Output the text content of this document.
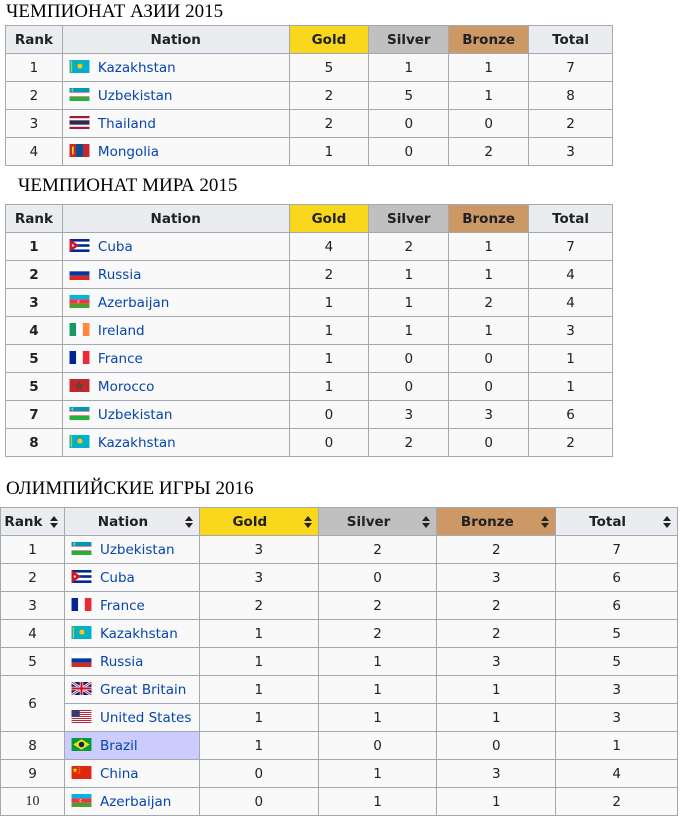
ЧЕМПИОНАТ АЗИИ 2015
Rank	Nation	Gold	Silver	Bronze	Total
1	Kazakhstan	5	1	1	7
2	Uzbekistan	2	5	1	8
3	Thailand	2	0	0	2
4	Mongolia	1	0	2	3
ЧЕМПИОНАТ МИРА 2015
Rank	Nation	Gold	Silver	Bronze	Total
1	Cuba	4	2	1	7
2	Russia	2	1	1	4
3	Azerbaijan	1	1	2	4
4	Ireland	1	1	1	3
5	France	1	0	0	1
5	Morocco	1	0	0	1
7	Uzbekistan	0	3	3	6
8	Kazakhstan	0	2	0	2
ОЛИМПИЙСКИЕ ИГРЫ 2016
Rank	Nation	Gold	Silver	Bronze	Total

1	Uzbekistan	3	2	2	7
2	Cuba	3	0	3	6
3	France	2	2	2	6
4	Kazakhstan	1	2	2	5
5	Russia	1	1	3	5
6	Great Britain	1	1	1	3
	United States	1	1	1	3
8	Brazil	1	0	0	1
9	China	0	1	3	4
10	Azerbaijan	0	1	1	2
